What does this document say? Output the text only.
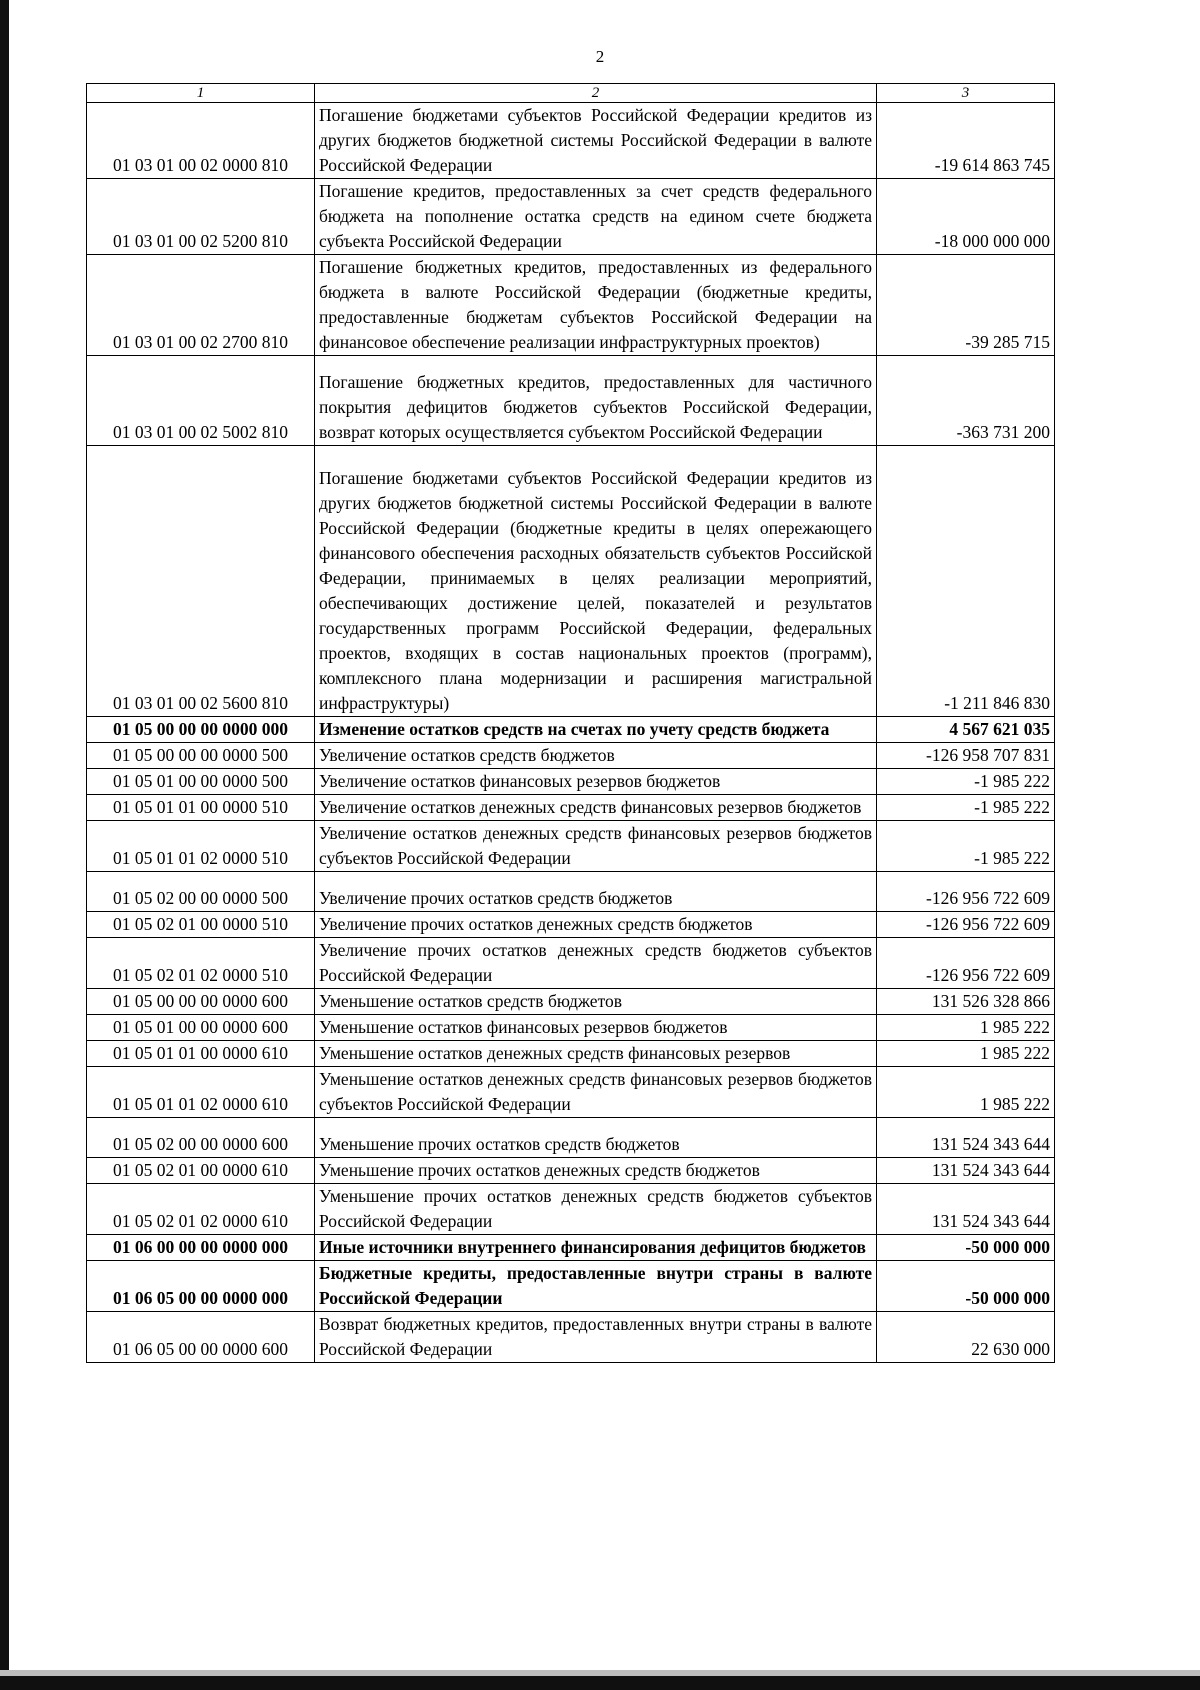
2
1	2	3
01 03 01 00 02 0000 810	Погашение бюджетами субъектов Российской Федерации кредитов из других бюджетов бюджетной системы Российской Федерации в валюте Российской Федерации	-19 614 863 745
01 03 01 00 02 5200 810	Погашение кредитов, предоставленных за счет средств федерального бюджета на пополнение остатка средств на едином счете бюджета субъекта Российской Федерации	-18 000 000 000
01 03 01 00 02 2700 810	Погашение бюджетных кредитов, предоставленных из федерального бюджета в валюте Российской Федерации (бюджетные кредиты, предоставленные бюджетам субъектов Российской Федерации на финансовое обеспечение реализации инфраструктурных проектов)	-39 285 715
01 03 01 00 02 5002 810	Погашение бюджетных кредитов, предоставленных для частичного покрытия дефицитов бюджетов субъектов Российской Федерации, возврат которых осуществляется субъектом Российской Федерации	-363 731 200
01 03 01 00 02 5600 810	Погашение бюджетами субъектов Российской Федерации кредитов из других бюджетов бюджетной системы Российской Федерации в валюте Российской Федерации (бюджетные кредиты в целях опережающего финансового обеспечения расходных обязательств субъектов Российской Федерации, принимаемых в целях реализации мероприятий, обеспечивающих достижение целей, показателей и результатов государственных программ Российской Федерации, федеральных проектов, входящих в состав национальных проектов (программ), комплексного плана модернизации и расширения магистральной инфраструктуры)	-1 211 846 830
01 05 00 00 00 0000 000	Изменение остатков средств на счетах по учету средств бюджета	4 567 621 035
01 05 00 00 00 0000 500	Увеличение остатков средств бюджетов	-126 958 707 831
01 05 01 00 00 0000 500	Увеличение остатков финансовых резервов бюджетов	-1 985 222
01 05 01 01 00 0000 510	Увеличение остатков денежных средств финансовых резервов бюджетов	-1 985 222
01 05 01 01 02 0000 510	Увеличение остатков денежных средств финансовых резервов бюджетов субъектов Российской Федерации	-1 985 222
01 05 02 00 00 0000 500	Увеличение прочих остатков средств бюджетов	-126 956 722 609
01 05 02 01 00 0000 510	Увеличение прочих остатков денежных средств бюджетов	-126 956 722 609
01 05 02 01 02 0000 510	Увеличение прочих остатков денежных средств бюджетов субъектов Российской Федерации	-126 956 722 609
01 05 00 00 00 0000 600	Уменьшение остатков средств бюджетов	131 526 328 866
01 05 01 00 00 0000 600	Уменьшение остатков финансовых резервов бюджетов	1 985 222
01 05 01 01 00 0000 610	Уменьшение остатков денежных средств финансовых резервов	1 985 222
01 05 01 01 02 0000 610	Уменьшение остатков денежных средств финансовых резервов бюджетов субъектов Российской Федерации	1 985 222
01 05 02 00 00 0000 600	Уменьшение прочих остатков средств бюджетов	131 524 343 644
01 05 02 01 00 0000 610	Уменьшение прочих остатков денежных средств бюджетов	131 524 343 644
01 05 02 01 02 0000 610	Уменьшение прочих остатков денежных средств бюджетов субъектов Российской Федерации	131 524 343 644
01 06 00 00 00 0000 000	Иные источники внутреннего финансирования дефицитов бюджетов	-50 000 000
01 06 05 00 00 0000 000	Бюджетные кредиты, предоставленные внутри страны в валюте Российской Федерации	-50 000 000
01 06 05 00 00 0000 600	Возврат бюджетных кредитов, предоставленных внутри страны в валюте Российской Федерации	22 630 000
